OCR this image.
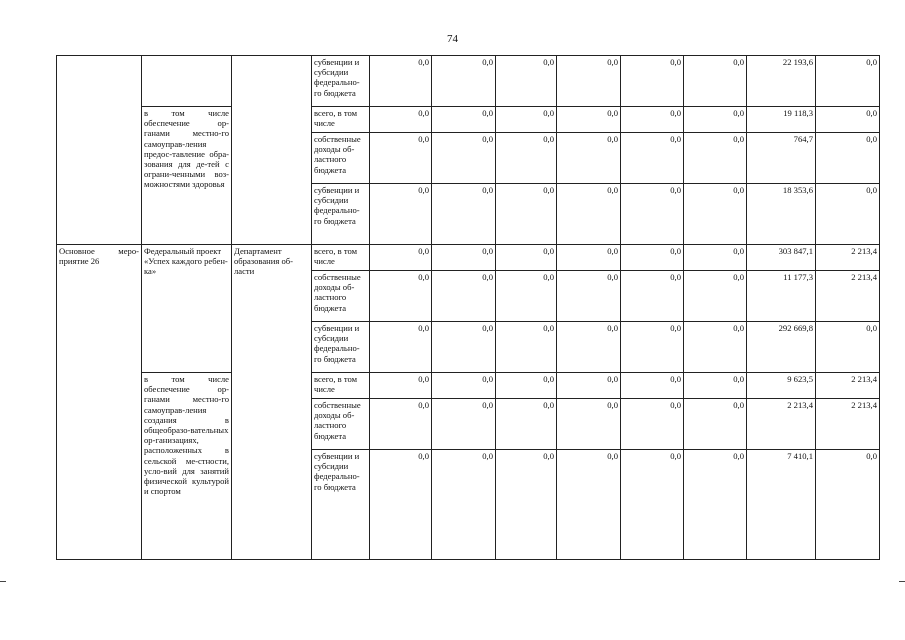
74
			субвенции и субсидии федерально-го бюджета	0,0	0,0	0,0	0,0	0,0	0,0	22 193,6	0,0
	в том числе обеспечение ор-ганами местно-го самоуправ-ления предос-тавление обра-зования для де-тей с ограни-ченными воз-можностями здоровья		всего, в том числе	0,0	0,0	0,0	0,0	0,0	0,0	19 118,3	0,0
			собственные доходы об-ластного бюджета	0,0	0,0	0,0	0,0	0,0	0,0	764,7	0,0
			субвенции и субсидии федерально-го бюджета	0,0	0,0	0,0	0,0	0,0	0,0	18 353,6	0,0
Основное меро-приятие 26	Федеральный проект «Успех каждого ребен-ка»	Департамент образования об-ласти	всего, в том числе	0,0	0,0	0,0	0,0	0,0	0,0	303 847,1	2 213,4
			собственные доходы об-ластного бюджета	0,0	0,0	0,0	0,0	0,0	0,0	11 177,3	2 213,4
			субвенции и субсидии федерально-го бюджета	0,0	0,0	0,0	0,0	0,0	0,0	292 669,8	0,0
	в том числе обеспечение ор-ганами местно-го самоуправ-ления создания в общеобразо-вательных ор-ганизациях, расположенных в сельской ме-стности, усло-вий для занятий физической культурой и спортом		всего, в том числе	0,0	0,0	0,0	0,0	0,0	0,0	9 623,5	2 213,4
			собственные доходы об-ластного бюджета	0,0	0,0	0,0	0,0	0,0	0,0	2 213,4	2 213,4
			субвенции и субсидии федерально-го бюджета	0,0	0,0	0,0	0,0	0,0	0,0	7 410,1	0,0
